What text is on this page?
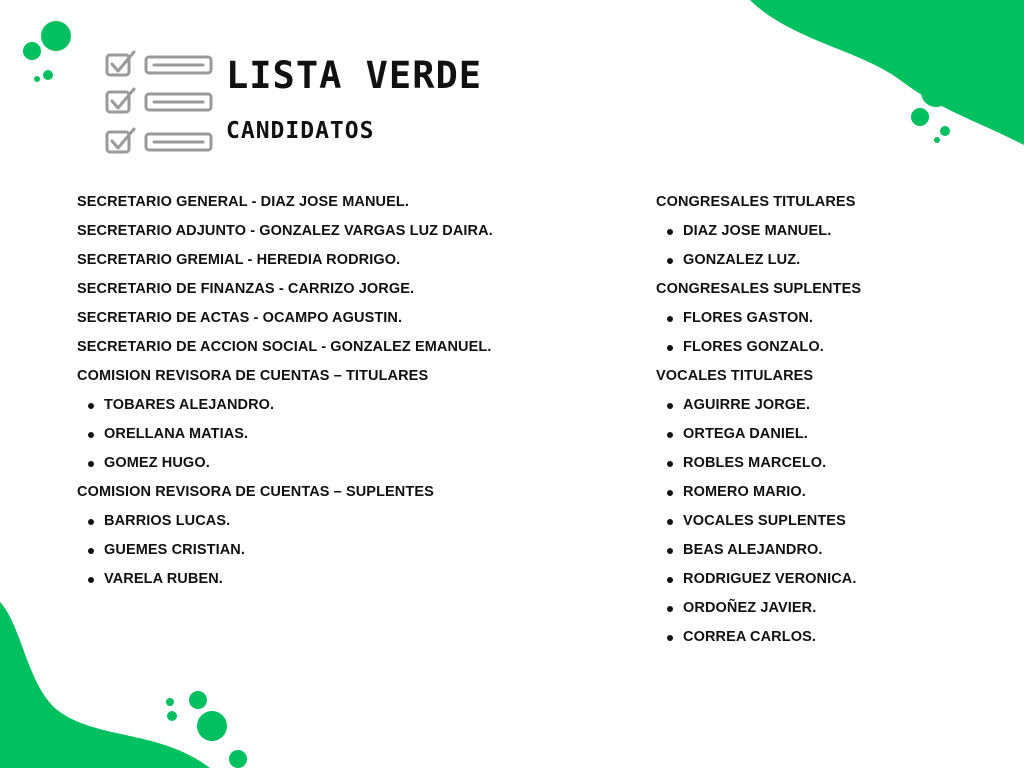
LISTA VERDE
CANDIDATOS
SECRETARIO GENERAL - DIAZ JOSE MANUEL.
SECRETARIO ADJUNTO - GONZALEZ VARGAS LUZ DAIRA.
SECRETARIO GREMIAL - HEREDIA RODRIGO.
SECRETARIO DE FINANZAS - CARRIZO JORGE.
SECRETARIO DE ACTAS - OCAMPO AGUSTIN.
SECRETARIO DE ACCION SOCIAL - GONZALEZ EMANUEL.
COMISION REVISORA DE CUENTAS – TITULARES
TOBARES ALEJANDRO.
ORELLANA MATIAS.
GOMEZ HUGO.
COMISION REVISORA DE CUENTAS – SUPLENTES
BARRIOS LUCAS.
GUEMES CRISTIAN.
VARELA RUBEN.
CONGRESALES TITULARES
DIAZ JOSE MANUEL.
GONZALEZ LUZ.
CONGRESALES SUPLENTES
FLORES GASTON.
FLORES GONZALO.
VOCALES TITULARES
AGUIRRE JORGE.
ORTEGA DANIEL.
ROBLES MARCELO.
ROMERO MARIO.
VOCALES SUPLENTES
BEAS ALEJANDRO.
RODRIGUEZ VERONICA.
ORDOÑEZ JAVIER.
CORREA CARLOS.
